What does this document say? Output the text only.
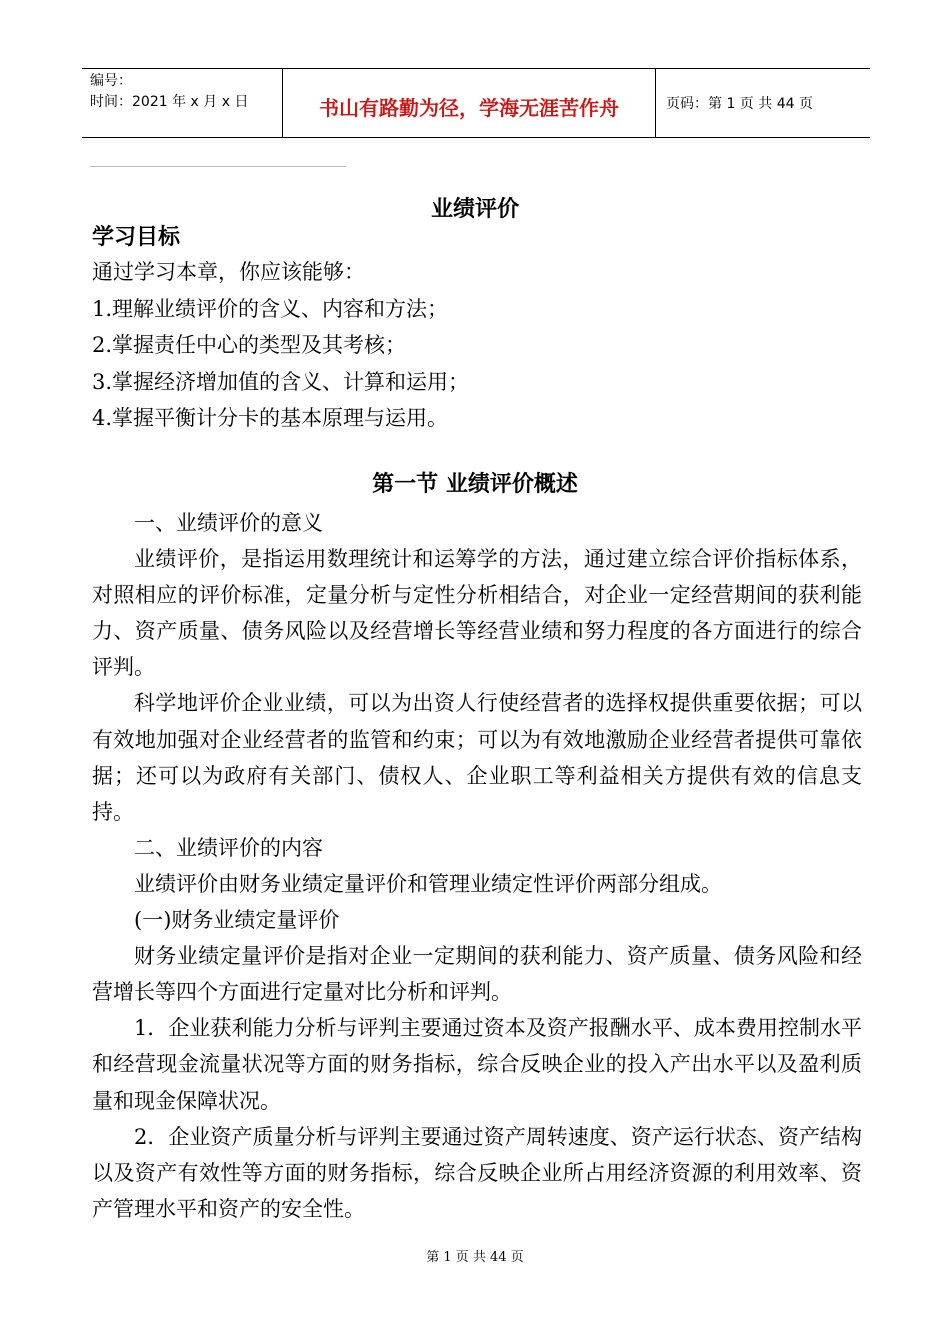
编号：
时间：2021 年 x 月 x 日	书山有路勤为径，学海无涯苦作舟	页码：第 1 页 共 44 页
业绩评价
学习目标
通过学习本章，你应该能够：
1.理解业绩评价的含义、内容和方法；
2.掌握责任中心的类型及其考核；
3.掌握经济增加值的含义、计算和运用；
4.掌握平衡计分卡的基本原理与运用。
第一节 业绩评价概述

一、业绩评价的意义

业绩评价，是指运用数理统计和运筹学的方法，通过建立综合评价指标体系，对照相应的评价标准，定量分析与定性分析相结合，对企业一定经营期间的获利能力、资产质量、债务风险以及经营增长等经营业绩和努力程度的各方面进行的综合评判。

科学地评价企业业绩，可以为出资人行使经营者的选择权提供重要依据；可以有效地加强对企业经营者的监管和约束；可以为有效地激励企业经营者提供可靠依据；还可以为政府有关部门、债权人、企业职工等利益相关方提供有效的信息支持。

二、业绩评价的内容

业绩评价由财务业绩定量评价和管理业绩定性评价两部分组成。

(一)财务业绩定量评价

财务业绩定量评价是指对企业一定期间的获利能力、资产质量、债务风险和经营增长等四个方面进行定量对比分析和评判。

1．企业获利能力分析与评判主要通过资本及资产报酬水平、成本费用控制水平和经营现金流量状况等方面的财务指标，综合反映企业的投入产出水平以及盈利质量和现金保障状况。

2．企业资产质量分析与评判主要通过资产周转速度、资产运行状态、资产结构以及资产有效性等方面的财务指标，综合反映企业所占用经济资源的利用效率、资产管理水平和资产的安全性。

第 1 页 共 44 页
